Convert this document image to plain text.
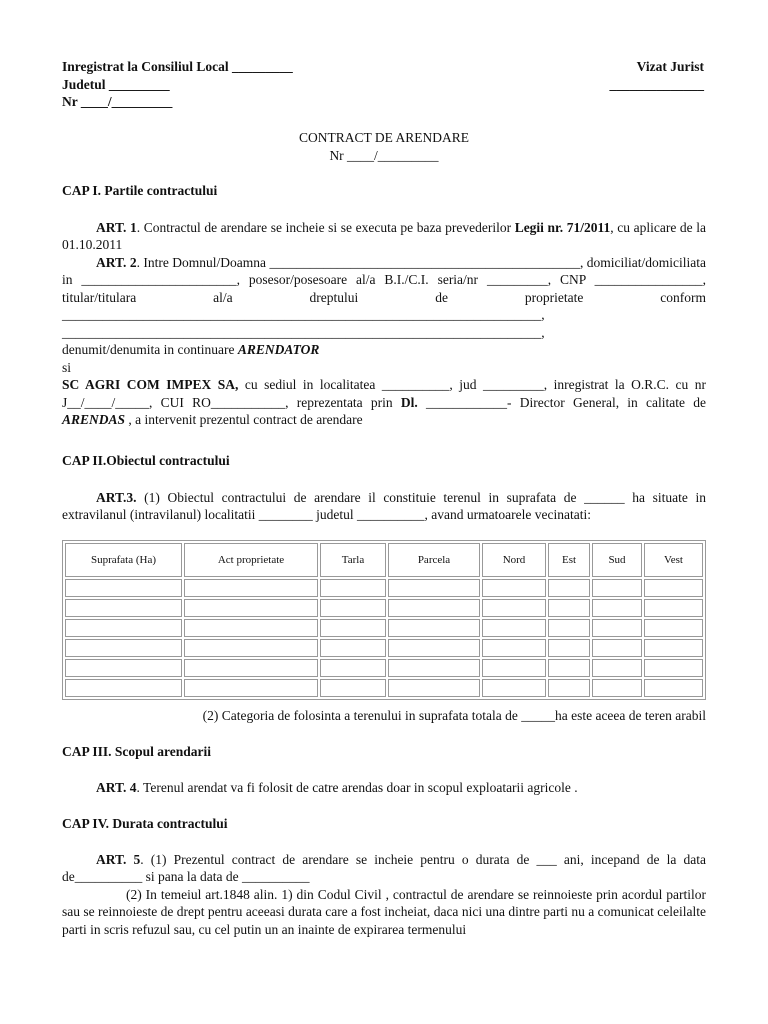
Inregistrat la Consiliul Local _________
Judetul _________
Nr ____/_________
Vizat Jurist
______________
CONTRACT DE ARENDARE
Nr ____/_________

CAP I. Partile contractului

ART. 1. Contractul de arendare se incheie si se executa pe baza prevederilor Legii nr. 71/2011, cu aplicare de la 01.10.2011

ART. 2. Intre Domnul/Doamna ______________________________________________, domiciliat/domiciliata in _______________________, posesor/posesoare al/a B.I./C.I. seria/nr _________, CNP ________________, titular/titulara al/a dreptului de proprietate conform _______________________________________________________________________,

_______________________________________________________________________,

denumit/denumita in continuare ARENDATOR

si

SC AGRI COM IMPEX SA, cu sediul in localitatea __________, jud _________, inregistrat la O.R.C. cu nr J__/____/_____, CUI RO___________, reprezentata prin Dl. ____________- Director General, in calitate de ARENDAS , a intervenit prezentul contract de arendare

CAP II.Obiectul contractului

ART.3. (1) Obiectul contractului de arendare il constituie terenul in suprafata de ______ ha situate in extravilanul (intravilanul) localitatii ________ judetul __________, avand urmatoarele vecinatati:

Suprafata (Ha)	Act proprietate	Tarla	Parcela	Nord	Est	Sud	Vest

(2) Categoria de folosinta a terenului in suprafata totala de _____ha este aceea de teren arabil

CAP III. Scopul arendarii

ART. 4. Terenul arendat va fi folosit de catre arendas doar in scopul exploatarii agricole .

CAP IV. Durata contractului

ART. 5. (1) Prezentul contract de arendare se incheie pentru o durata de ___ ani, incepand de la data de__________ si pana la data de __________

(2) In temeiul art.1848 alin. 1) din Codul Civil , contractul de arendare se reinnoieste prin acordul partilor sau se reinnoieste de drept pentru aceeasi durata care a fost incheiat, daca nici una dintre parti nu a comunicat celeilalte parti in scris refuzul sau, cu cel putin un an inainte de expirarea termenului
